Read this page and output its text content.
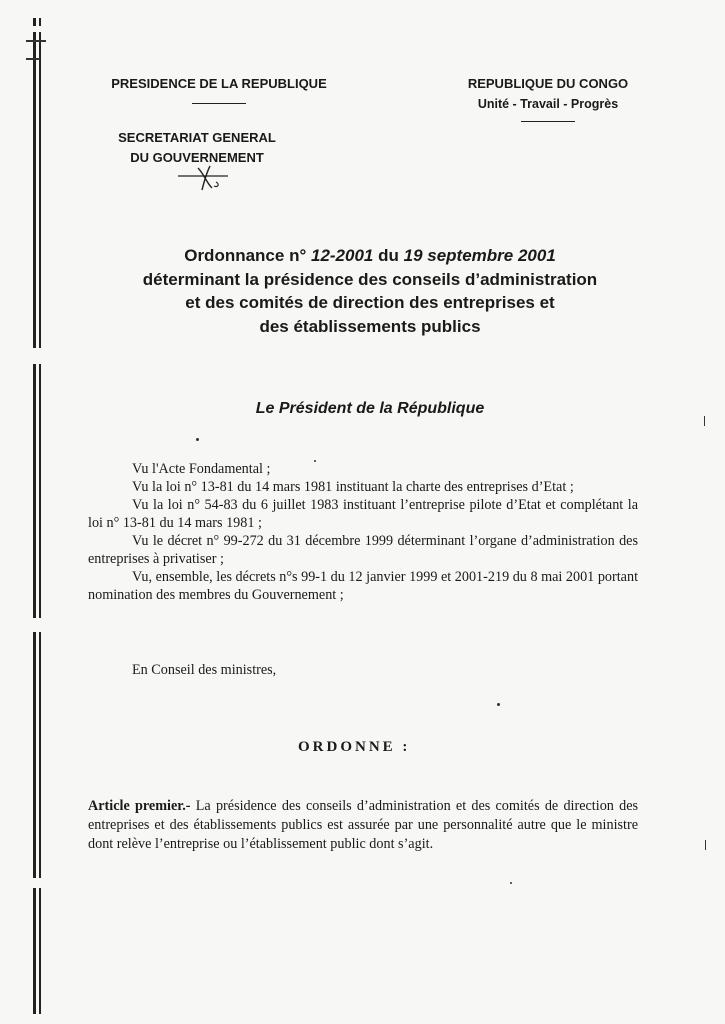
PRESIDENCE DE LA REPUBLIQUE	REPUBLIQUE DU CONGO
Unité - Travail - Progrès
SECRETARIAT GENERAL
DU GOUVERNEMENT
Ordonnance n° 12-2001 du 19 septembre 2001
déterminant la présidence des conseils d’administration
et des comités de direction des entreprises et
des établissements publics
Le Président de la République

Vu l'Acte Fondamental ;

Vu la loi n° 13-81 du 14 mars 1981 instituant la charte des entreprises d’Etat ;

Vu la loi n° 54-83 du 6 juillet 1983 instituant l’entreprise pilote d’Etat et complétant la loi n° 13-81 du 14 mars 1981 ;

Vu le décret n° 99-272 du 31 décembre 1999 déterminant l’organe d’administration des entreprises à privatiser ;

Vu, ensemble, les décrets n°s 99-1 du 12 janvier 1999 et 2001-219 du 8 mai 2001 portant nomination des membres du Gouvernement ;

En Conseil des ministres,
ORDONNE :
Article premier.- La présidence des conseils d’administration et des comités de direction des entreprises et des établissements publics est assurée par une personnalité autre que le ministre dont relève l’entreprise ou l’établissement public dont s’agit.
